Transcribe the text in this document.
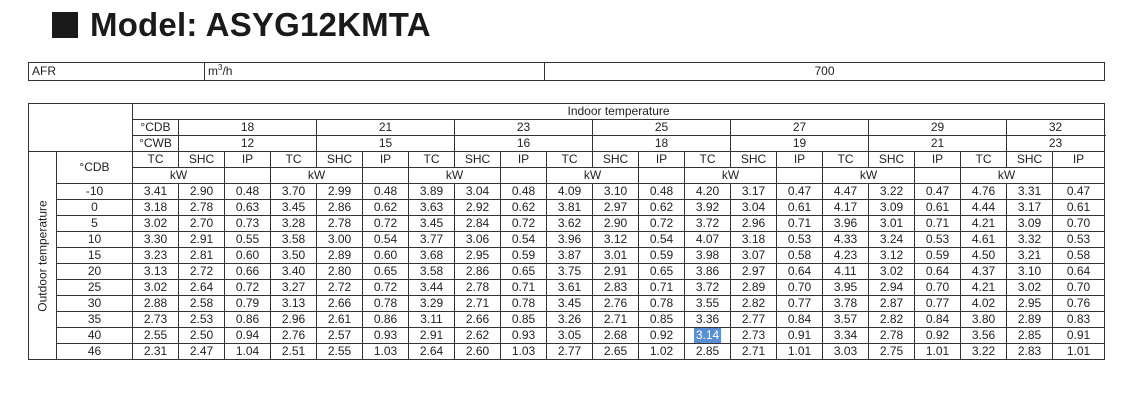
Model: ASYG12KMTA
AFR	$m^3/h$	700
		Indoor temperature																				
		°CDB	18			21			23			25			27			29			32	
		°CWB	12			15			16			18			19			21			23	

Outdoor temperature	°CDB	TC	SHC	IP	TC	SHC	IP	TC	SHC	IP	TC	SHC	IP	TC	SHC	IP	TC	SHC	IP	TC	SHC	IP
		kW			kW			kW			kW			kW			kW			kW		
	-10	3.41	2.90	0.48	3.70	2.99	0.48	3.89	3.04	0.48	4.09	3.10	0.48	4.20	3.17	0.47	4.47	3.22	0.47	4.76	3.31	0.47
	0	3.18	2.78	0.63	3.45	2.86	0.62	3.63	2.92	0.62	3.81	2.97	0.62	3.92	3.04	0.61	4.17	3.09	0.61	4.44	3.17	0.61
	5	3.02	2.70	0.73	3.28	2.78	0.72	3.45	2.84	0.72	3.62	2.90	0.72	3.72	2.96	0.71	3.96	3.01	0.71	4.21	3.09	0.70
	10	3.30	2.91	0.55	3.58	3.00	0.54	3.77	3.06	0.54	3.96	3.12	0.54	4.07	3.18	0.53	4.33	3.24	0.53	4.61	3.32	0.53
	15	3.23	2.81	0.60	3.50	2.89	0.60	3.68	2.95	0.59	3.87	3.01	0.59	3.98	3.07	0.58	4.23	3.12	0.59	4.50	3.21	0.58
	20	3.13	2.72	0.66	3.40	2.80	0.65	3.58	2.86	0.65	3.75	2.91	0.65	3.86	2.97	0.64	4.11	3.02	0.64	4.37	3.10	0.64
	25	3.02	2.64	0.72	3.27	2.72	0.72	3.44	2.78	0.71	3.61	2.83	0.71	3.72	2.89	0.70	3.95	2.94	0.70	4.21	3.02	0.70
	30	2.88	2.58	0.79	3.13	2.66	0.78	3.29	2.71	0.78	3.45	2.76	0.78	3.55	2.82	0.77	3.78	2.87	0.77	4.02	2.95	0.76
	35	2.73	2.53	0.86	2.96	2.61	0.86	3.11	2.66	0.85	3.26	2.71	0.85	3.36	2.77	0.84	3.57	2.82	0.84	3.80	2.89	0.83
	40	2.55	2.50	0.94	2.76	2.57	0.93	2.91	2.62	0.93	3.05	2.68	0.92	3.14	2.73	0.91	3.34	2.78	0.92	3.56	2.85	0.91
	46	2.31	2.47	1.04	2.51	2.55	1.03	2.64	2.60	1.03	2.77	2.65	1.02	2.85	2.71	1.01	3.03	2.75	1.01	3.22	2.83	1.01
